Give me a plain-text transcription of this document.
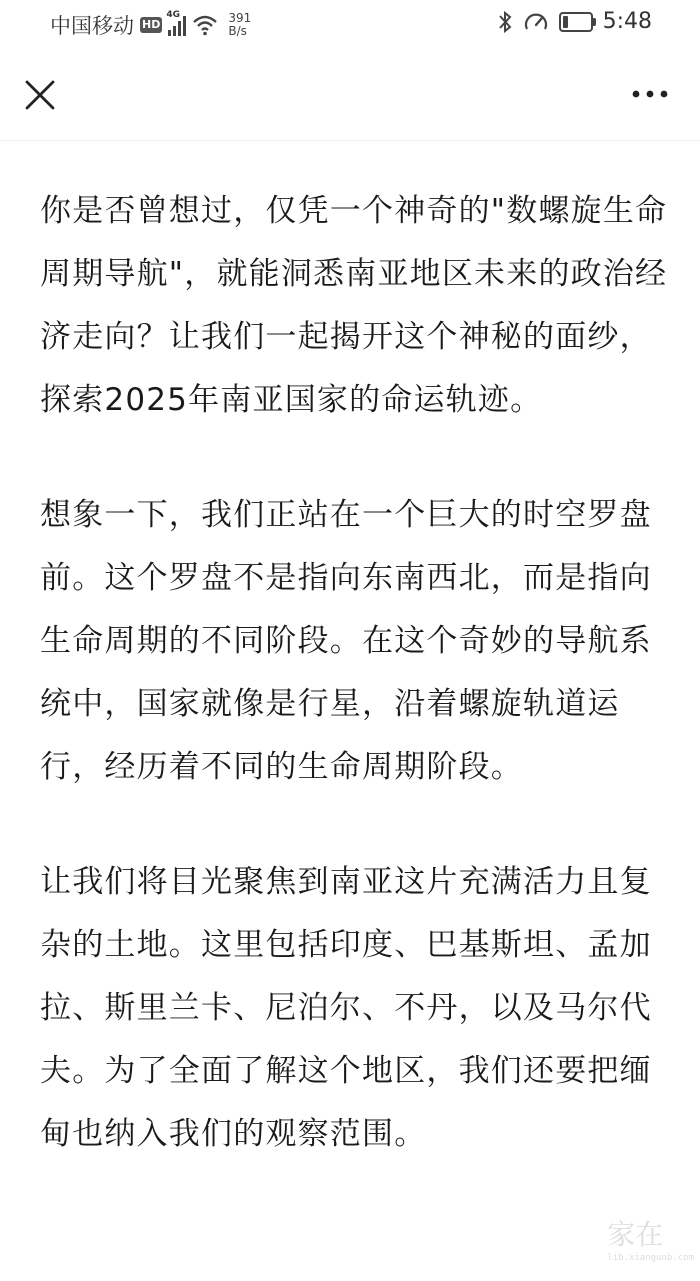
中国移动 HD
4G	391
B/s	5:48

你是否曾想过，仅凭一个神奇的"数螺旋生命周期导航"，就能洞悉南亚地区未来的政治经济走向？让我们一起揭开这个神秘的面纱，探索2025年南亚国家的命运轨迹。

想象一下，我们正站在一个巨大的时空罗盘前。这个罗盘不是指向东南西北，而是指向生命周期的不同阶段。在这个奇妙的导航系统中，国家就像是行星，沿着螺旋轨道运行，经历着不同的生命周期阶段。

让我们将目光聚焦到南亚这片充满活力且复杂的土地。这里包括印度、巴基斯坦、孟加拉、斯里兰卡、尼泊尔、不丹，以及马尔代夫。为了全面了解这个地区，我们还要把缅甸也纳入我们的观察范围。

家在
lib.xiangunb.com
